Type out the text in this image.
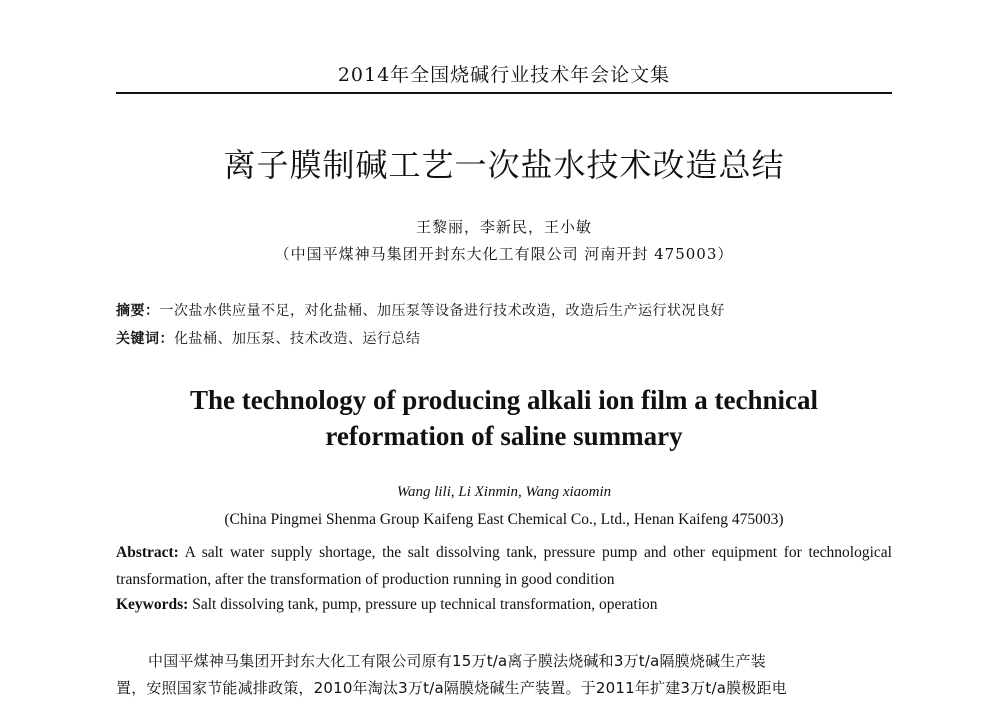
2014年全国烧碱行业技术年会论文集
离子膜制碱工艺一次盐水技术改造总结
王黎丽，李新民，王小敏
（中国平煤神马集团开封东大化工有限公司 河南开封 475003）
摘要：一次盐水供应量不足，对化盐桶、加压泵等设备进行技术改造，改造后生产运行状况良好
关键词：化盐桶、加压泵、技术改造、运行总结
The technology of producing alkali ion film a technical
reformation of saline summary
Wang lili, Li Xinmin, Wang xiaomin
(China Pingmei Shenma Group Kaifeng East Chemical Co., Ltd., Henan Kaifeng 475003)
Abstract: A salt water supply shortage, the salt dissolving tank, pressure pump and other equipment for technological transformation, after the transformation of production running in good condition
Keywords: Salt dissolving tank, pump, pressure up technical transformation, operation
中国平煤神马集团开封东大化工有限公司原有15万t/a离子膜法烧碱和3万t/a隔膜烧碱生产装
置，安照国家节能减排政策，2010年淘汰3万t/a隔膜烧碱生产装置。于2011年扩建3万t/a膜极距电
